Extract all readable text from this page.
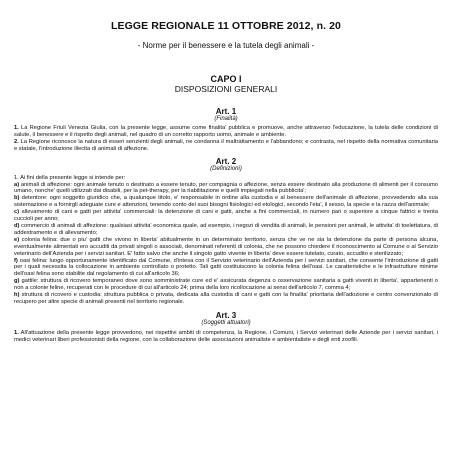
LEGGE REGIONALE 11 OTTOBRE 2012, n. 20

- Norme per il benessere e la tutela degli animali -

CAPO I

DISPOSIZIONI GENERALI

Art. 1

(Finalità)

1. La Regione Friuli Venezia Giulia, con la presente legge, assume come finalita' pubblica e promuove, anche attraverso l'educazione, la tutela delle condizioni di salute, il benessere e il rispetto degli animali, nel quadro di un corretto rapporto uomo, animale e ambiente.

2. La Regione riconosce la natura di esseri senzienti degli animali, ne condanna il maltrattamento e l'abbandono; e contrasta, nel rispetto della normativa comunitaria e statale, l'introduzione illecita di animali di affezione.

Art. 2

(Definizioni)

1. Ai fini della presente legge si intende per:

a) animali di affezione: ogni animale tenuto o destinato a essere tenuto, per compagnia o affezione, senza essere destinato alla produzione di alimenti per il consumo umano, nonche' quelli utilizzati dai disabili, per la pet-therapy, per la riabilitazione e quelli impiegati nella pubblicita';

b) detentore: ogni soggetto giuridico che, a qualunque titolo, e' responsabile in ordine alla custodia e al benessere dell'animale di affezione, provvedendo alla sua sistemazione e a fornirgli adeguate cure e attenzioni, tenendo conto dei suoi bisogni fisiologici ed etologici, secondo l'eta', il sesso, la specie e la razza dell'animale;

c) allevamento di cani e gatti per attivita' commerciali: la detenzione di cani e gatti, anche a fini commerciali, in numero pari o superiore a cinque fattrici e trenta cuccioli per anno;

d) commercio di animali di affezione: qualsiasi attivita' economica quale, ad esempio, i negozi di vendita di animali, le pensioni per animali, le attivita' di toelettatura, di addestramento e di allevamento;

e) colonia felina: due o piu' gatti che vivono in liberta' abitualmente in un determinato territorio, senza che ve ne sia la detenzione da parte di persona alcuna, eventualmente alimentati ero accuditi da privati singoli o associati, denominati referenti di colonia, che ne possono chiedere il riconoscimento al Comune o al Servizio veterinario dell'Azienda per i servizi sanitari. E' fatto salvo che anche il singolo gatto vivente in liberta' deve essere tutelato, curato, accudito e sterilizzato;

f) oasi felina: luogo opportunamente identificato dal Comune, d'intesa con il Servizio veterinario dell'Azienda per i servizi sanitari, che consente l'introduzione di gatti per i quali necessita la collocazione in ambiente controllato o protetto. Tali gatti costituiscono la colonia felina dell'oasi. Le caratteristiche e le infrastrutture minime dell'oasi felina sono stabilite dal regolamento di cui all'articolo 36;

g) gattile: struttura di ricovero temporaneo dove sono somministrate cure ed e' assicurata degenza o osservazione sanitaria a gatti viventi in liberta', appartenenti o non a colonie feline, recuperati con le procedure di cui all'articolo 24; prima della loro ricollocazione ai sensi dell'articolo 7, comma 4;

h) struttura di ricovero e custodia: struttura pubblica o privata, dedicata alla custodia di cani e gatti con la finalita' prioritaria dell'adozione e centro convenzionato di recupero per altre specie di animali presenti nel territorio regionale.

Art. 3

(Soggetti attuatori)

1. All'attuazione della presente legge provvedono, nei rispettivi ambiti di competenza, la Regione, i Comuni, i Servizi veterinari delle Aziende per i servizi sanitari, i medici veterinari liberi professionisti della regione, con la collaborazione delle associazioni animaliste e ambientaliste e degli enti zoofili.
